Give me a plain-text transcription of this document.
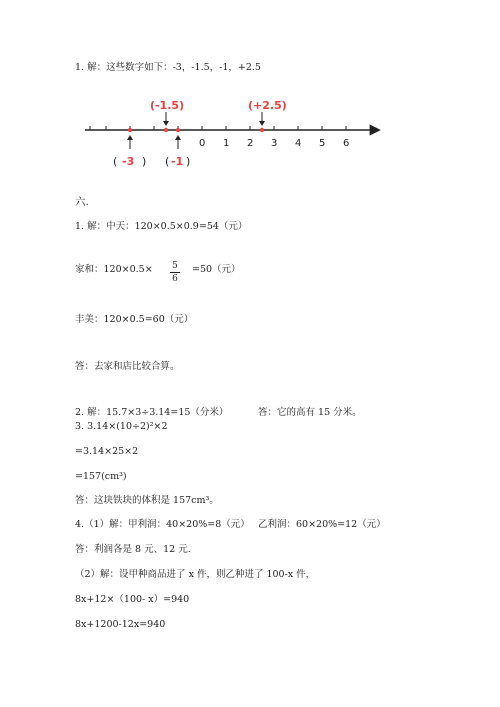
1. 解：这些数字如下：-3，-1.5，-1，+2.5
0 1 2 3 4 5 6
(-1.5)	(+2.5)
( -3 ) ( -1 )
六.
1. 解：中天：120×0.5×0.9=54（元）
家和：120×0.5× 5
6
=50（元）
丰美：120×0.5=60（元）
答：去家和店比较合算。
2. 解：15.7×3÷3.14=15（分米）	答：它的高有 15 分米。
3. 3.14×(10÷2)²×2
=3.14×25×2
=157(cm³)
答：这块铁块的体积是 157cm³。
4.（1）解：甲利润：40×20%=8（元） 乙利润：60×20%=12（元）
答：利润各是 8 元、12 元.
（2）解：设甲种商品进了 x 件，则乙种进了 100-x 件，
8x+12×（100- x）=940
8x+1200-12x=940
